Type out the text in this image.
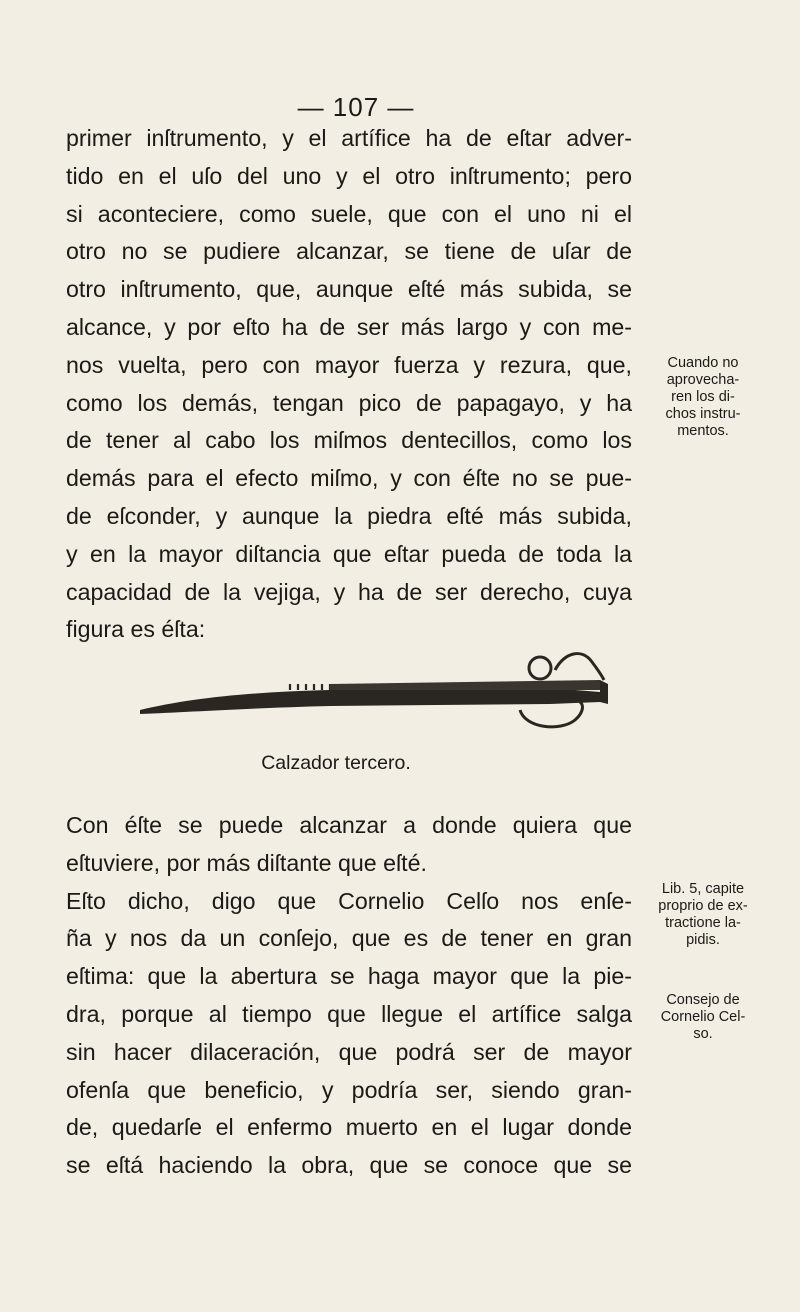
— 107 —
primer inſtrumento, y el artífice ha de eſtar adver-
tido en el uſo del uno y el otro inſtrumento; pero
si aconteciere, como suele, que con el uno ni el
otro no se pudiere alcanzar, se tiene de uſar de
otro inſtrumento, que, aunque eſté más subida, se
alcance, y por eſto ha de ser más largo y con me-
nos vuelta, pero con mayor fuerza y rezura, que,
como los demás, tengan pico de papagayo, y ha
de tener al cabo los miſmos dentecillos, como los
demás para el efecto miſmo, y con éſte no se pue-
de eſconder, y aunque la piedra eſté más subida,
y en la mayor diſtancia que eſtar pueda de toda la
capacidad de la vejiga, y ha de ser derecho, cuya
figura es éſta:
Cuando no
aprovecha-
ren los di-
chos instru-
mentos.
Calzador tercero.
Con éſte se puede alcanzar a donde quiera que
eſtuviere, por más diſtante que eſté.
Eſto dicho, digo que Cornelio Celſo nos enſe-
ña y nos da un conſejo, que es de tener en gran
eſtima: que la abertura se haga mayor que la pie-
dra, porque al tiempo que llegue el artífice salga
sin hacer dilaceración, que podrá ser de mayor
ofenſa que beneficio, y podría ser, siendo gran-
de, quedarſe el enfermo muerto en el lugar donde
se eſtá haciendo la obra, que se conoce que se
Lib. 5, capite
proprio de ex-
tractione la-
pidis.
Consejo de
Cornelio Cel-
so.
